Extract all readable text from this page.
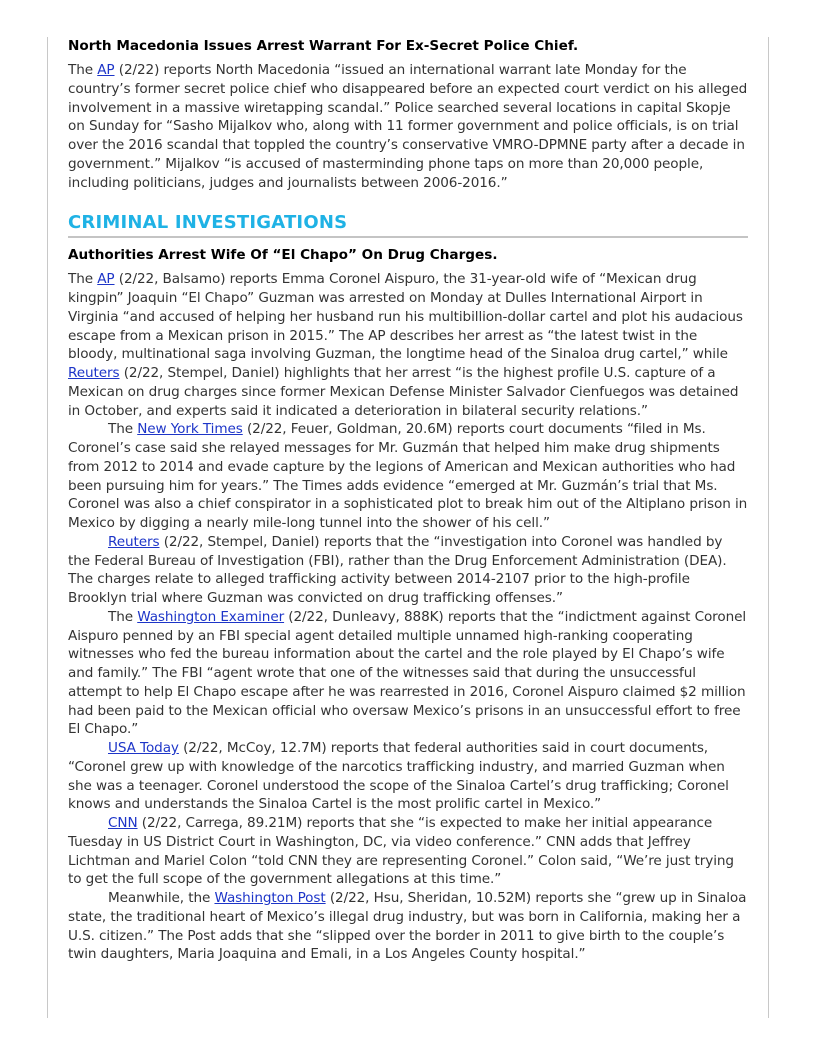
North Macedonia Issues Arrest Warrant For Ex-Secret Police Chief.

The AP (2/22) reports North Macedonia “issued an international warrant late Monday for the country’s former secret police chief who disappeared before an expected court verdict on his alleged involvement in a massive wiretapping scandal.” Police searched several locations in capital Skopje on Sunday for “Sasho Mijalkov who, along with 11 former government and police officials, is on trial over the 2016 scandal that toppled the country’s conservative VMRO-DPMNE party after a decade in government.” Mijalkov “is accused of masterminding phone taps on more than 20,000 people, including politicians, judges and journalists between 2006-2016.”

CRIMINAL INVESTIGATIONS
Authorities Arrest Wife Of “El Chapo” On Drug Charges.

The AP (2/22, Balsamo) reports Emma Coronel Aispuro, the 31-year-old wife of “Mexican drug kingpin” Joaquin “El Chapo” Guzman was arrested on Monday at Dulles International Airport in Virginia “and accused of helping her husband run his multibillion-dollar cartel and plot his audacious escape from a Mexican prison in 2015.” The AP describes her arrest as “the latest twist in the bloody, multinational saga involving Guzman, the longtime head of the Sinaloa drug cartel,” while Reuters (2/22, Stempel, Daniel) highlights that her arrest “is the highest profile U.S. capture of a Mexican on drug charges since former Mexican Defense Minister Salvador Cienfuegos was detained in October, and experts said it indicated a deterioration in bilateral security relations.”

The New York Times (2/22, Feuer, Goldman, 20.6M) reports court documents “filed in Ms. Coronel’s case said she relayed messages for Mr. Guzmán that helped him make drug shipments from 2012 to 2014 and evade capture by the legions of American and Mexican authorities who had been pursuing him for years.” The Times adds evidence “emerged at Mr. Guzmán’s trial that Ms. Coronel was also a chief conspirator in a sophisticated plot to break him out of the Altiplano prison in Mexico by digging a nearly mile-long tunnel into the shower of his cell.”

Reuters (2/22, Stempel, Daniel) reports that the “investigation into Coronel was handled by the Federal Bureau of Investigation (FBI), rather than the Drug Enforcement Administration (DEA). The charges relate to alleged trafficking activity between 2014-2107 prior to the high-profile Brooklyn trial where Guzman was convicted on drug trafficking offenses.”

The Washington Examiner (2/22, Dunleavy, 888K) reports that the “indictment against Coronel Aispuro penned by an FBI special agent detailed multiple unnamed high-ranking cooperating witnesses who fed the bureau information about the cartel and the role played by El Chapo’s wife and family.” The FBI “agent wrote that one of the witnesses said that during the unsuccessful attempt to help El Chapo escape after he was rearrested in 2016, Coronel Aispuro claimed $2 million had been paid to the Mexican official who oversaw Mexico’s prisons in an unsuccessful effort to free El Chapo.”

USA Today (2/22, McCoy, 12.7M) reports that federal authorities said in court documents, “Coronel grew up with knowledge of the narcotics trafficking industry, and married Guzman when she was a teenager. Coronel understood the scope of the Sinaloa Cartel’s drug trafficking; Coronel knows and understands the Sinaloa Cartel is the most prolific cartel in Mexico.”

CNN (2/22, Carrega, 89.21M) reports that she “is expected to make her initial appearance Tuesday in US District Court in Washington, DC, via video conference.” CNN adds that Jeffrey Lichtman and Mariel Colon “told CNN they are representing Coronel.” Colon said, “We’re just trying to get the full scope of the government allegations at this time.”

Meanwhile, the Washington Post (2/22, Hsu, Sheridan, 10.52M) reports she “grew up in Sinaloa state, the traditional heart of Mexico’s illegal drug industry, but was born in California, making her a U.S. citizen.” The Post adds that she “slipped over the border in 2011 to give birth to the couple’s twin daughters, Maria Joaquina and Emali, in a Los Angeles County hospital.”
